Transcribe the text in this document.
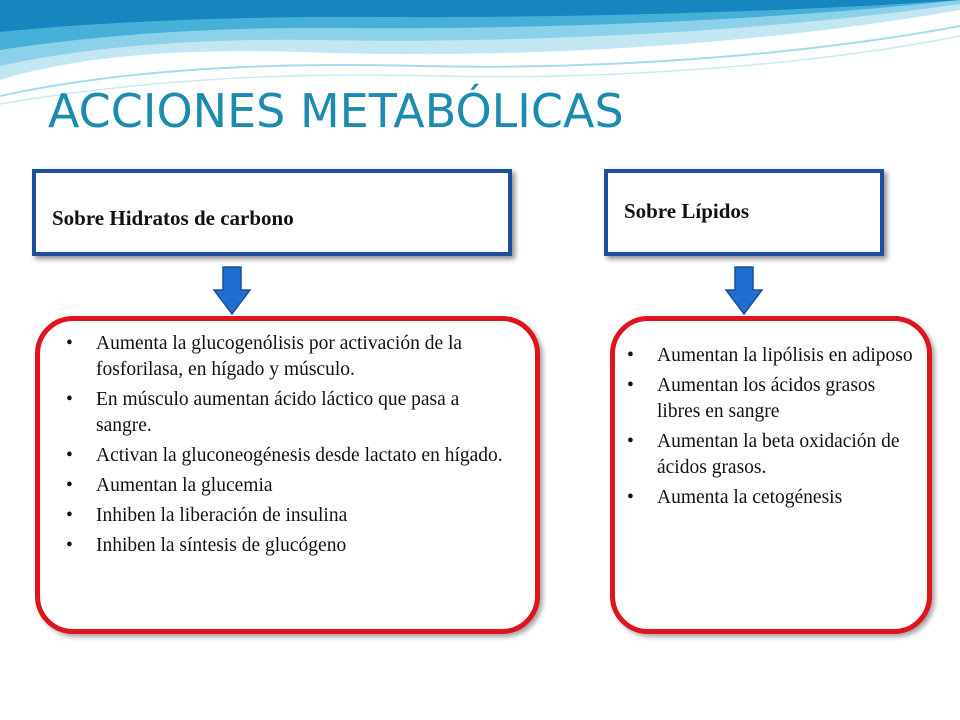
ACCIONES METABÓLICAS
Sobre Hidratos de carbono	Sobre Lípidos
• Aumenta la glucogenólisis por activación de la fosforilasa, en hígado y músculo.
• En músculo aumentan ácido láctico que pasa a sangre.
• Activan la gluconeogénesis desde lactato en hígado.
• Aumentan la glucemia
• Inhiben la liberación de insulina
• Inhiben la síntesis de glucógeno
• Aumentan la lipólisis en adiposo
• Aumentan los ácidos grasos libres en sangre
• Aumentan la beta oxidación de ácidos grasos.
• Aumenta la cetogénesis
